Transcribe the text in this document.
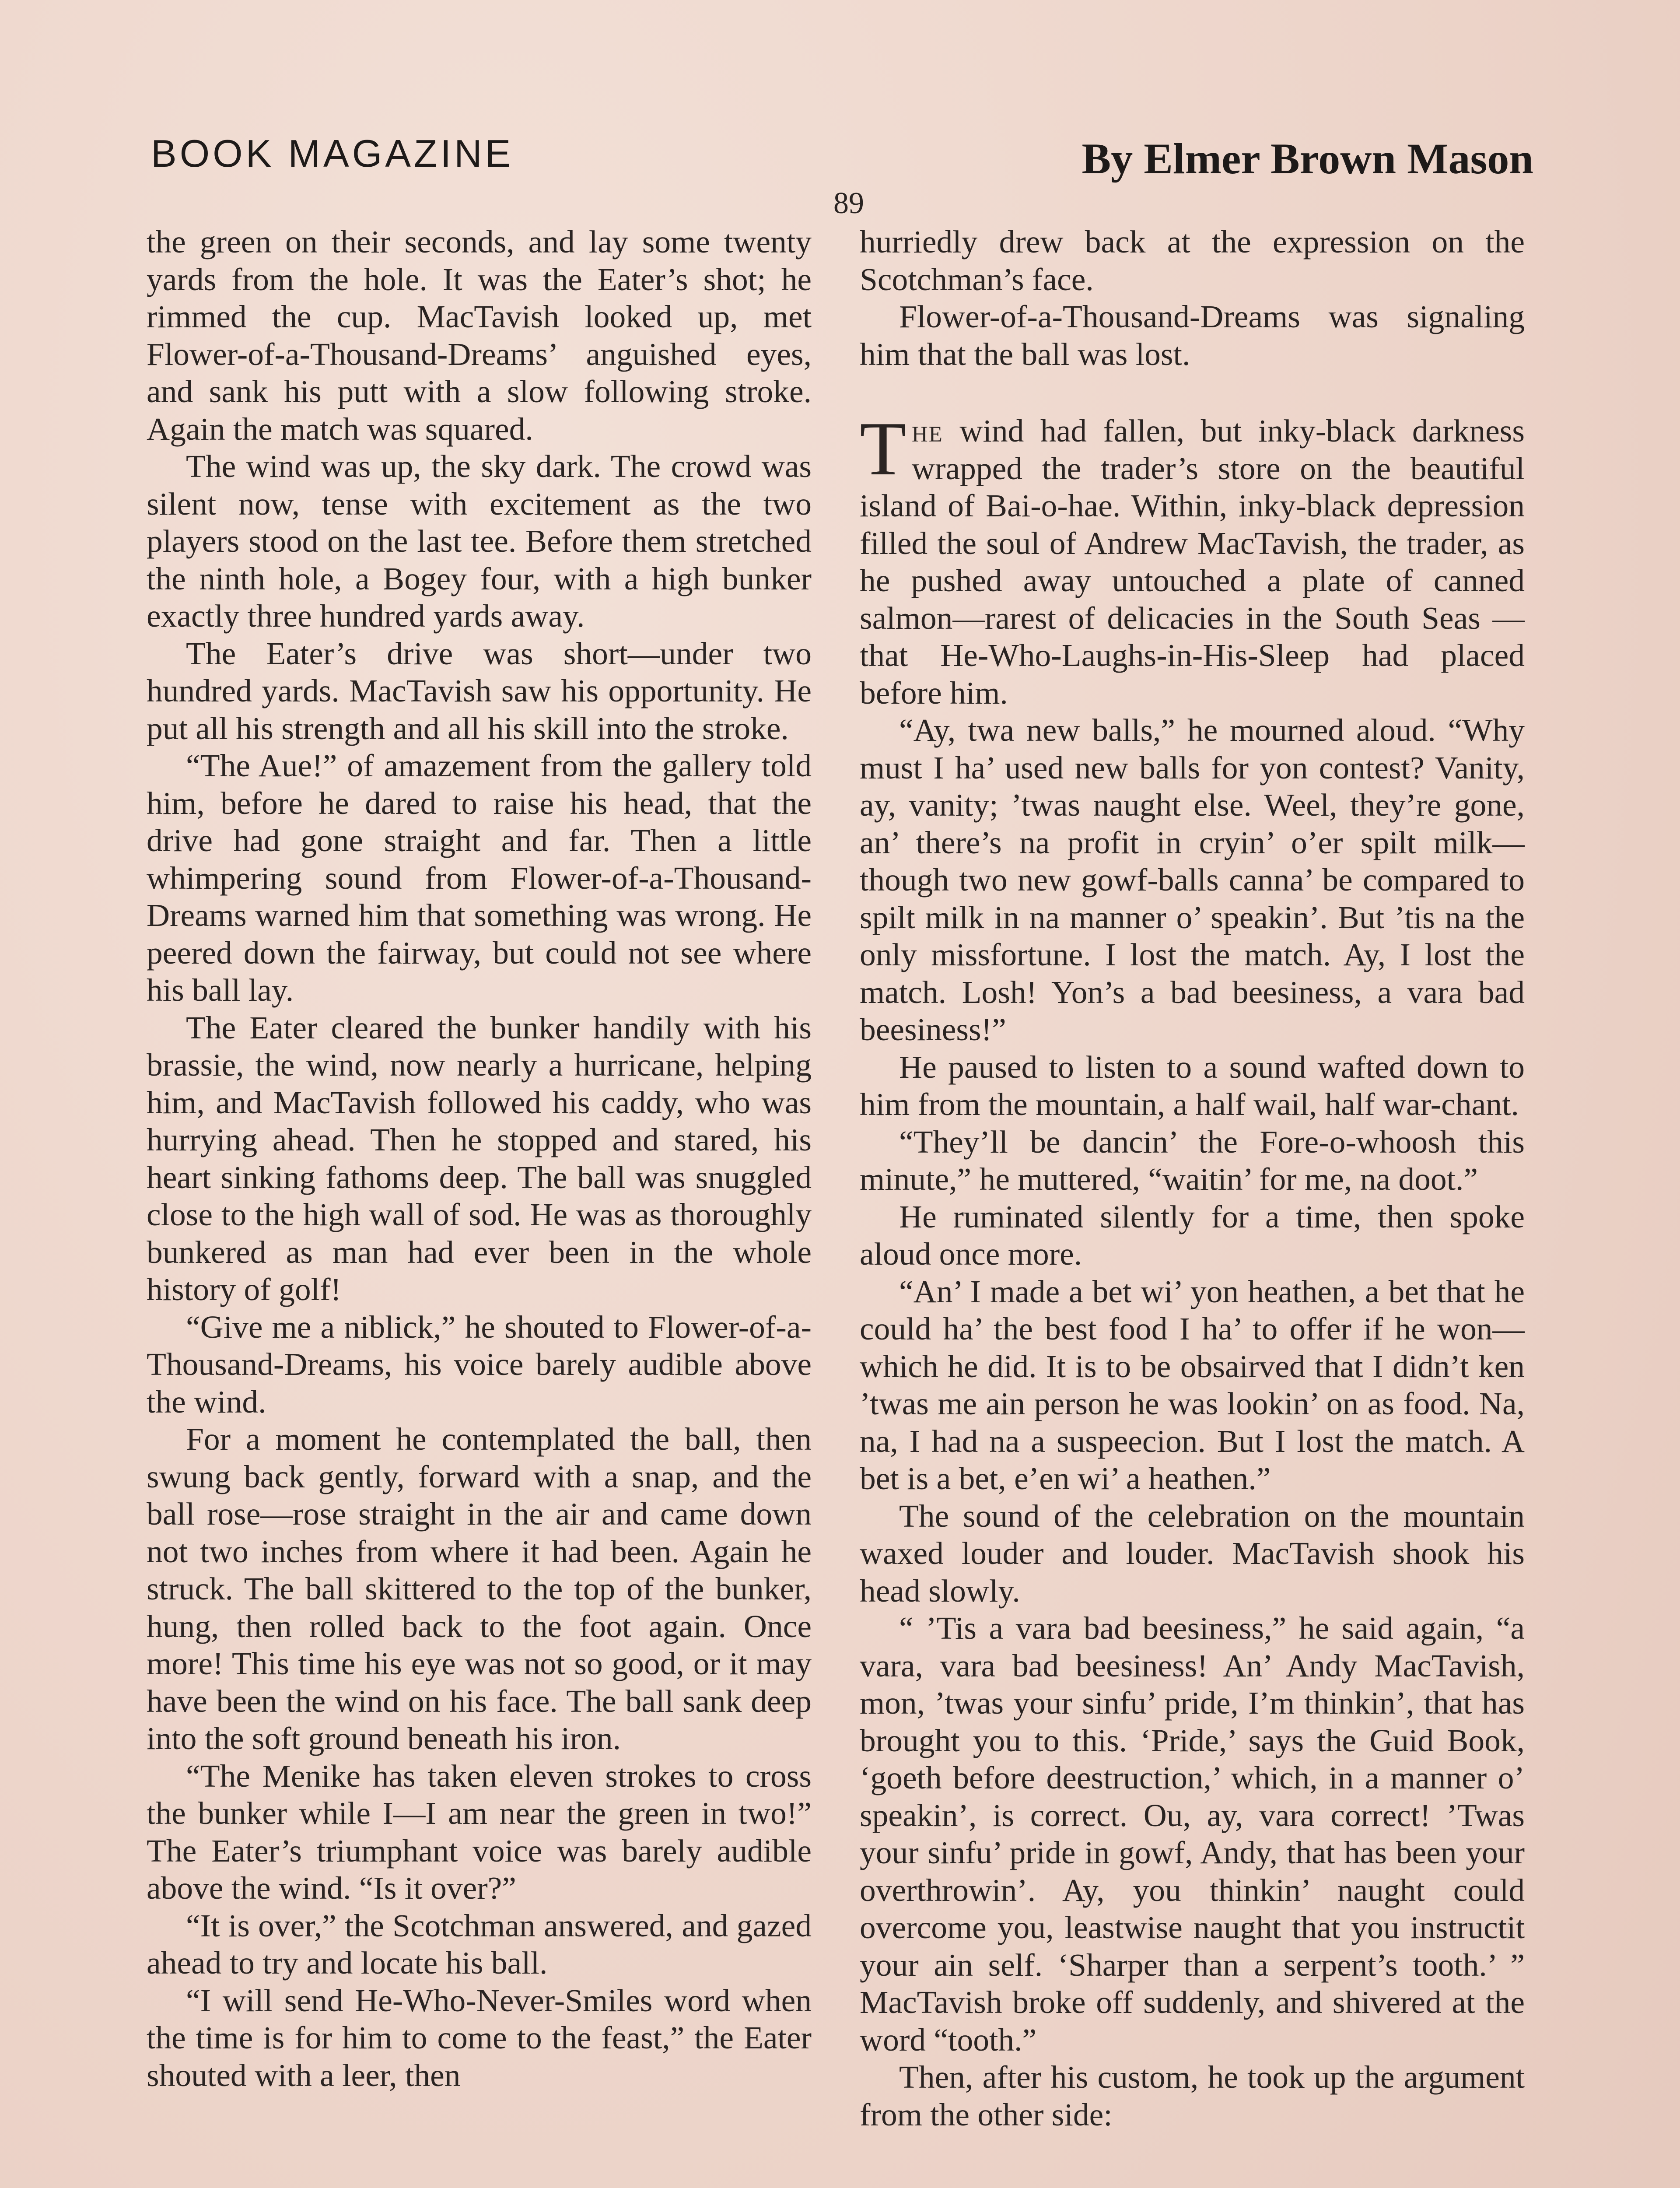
BOOK MAGAZINE	By Elmer Brown Mason
89

the green on their seconds, and lay some twenty yards from the hole. It was the Eater’s shot; he rimmed the cup. MacTavish looked up, met Flower-of-a-Thousand-Dreams’ anguished eyes, and sank his putt with a slow following stroke. Again the match was squared.

The wind was up, the sky dark. The crowd was silent now, tense with excitement as the two players stood on the last tee. Before them stretched the ninth hole, a Bogey four, with a high bunker exactly three hundred yards away.

The Eater’s drive was short—under two hundred yards. MacTavish saw his opportunity. He put all his strength and all his skill into the stroke.

“The Aue!” of amazement from the gallery told him, before he dared to raise his head, that the drive had gone straight and far. Then a little whimpering sound from Flower-of-a-Thousand-Dreams warned him that something was wrong. He peered down the fairway, but could not see where his ball lay.

The Eater cleared the bunker handily with his brassie, the wind, now nearly a hurricane, helping him, and MacTavish followed his caddy, who was hurrying ahead. Then he stopped and stared, his heart sinking fathoms deep. The ball was snuggled close to the high wall of sod. He was as thoroughly bunkered as man had ever been in the whole history of golf!

“Give me a niblick,” he shouted to Flower-of-a-Thousand-Dreams, his voice barely audible above the wind.

For a moment he contemplated the ball, then swung back gently, forward with a snap, and the ball rose—rose straight in the air and came down not two inches from where it had been. Again he struck. The ball skittered to the top of the bunker, hung, then rolled back to the foot again. Once more! This time his eye was not so good, or it may have been the wind on his face. The ball sank deep into the soft ground beneath his iron.

“The Menike has taken eleven strokes to cross the bunker while I—I am near the green in two!” The Eater’s triumphant voice was barely audible above the wind. “Is it over?”

“It is over,” the Scotchman answered, and gazed ahead to try and locate his ball.

“I will send He-Who-Never-Smiles word when the time is for him to come to the feast,” the Eater shouted with a leer, then

hurriedly drew back at the expression on the Scotchman’s face.

Flower-of-a-Thousand-Dreams was signaling him that the ball was lost.

The wind had fallen, but inky-black darkness wrapped the trader’s store on the beautiful island of Bai-o-hae. Within, inky-black depression filled the soul of Andrew MacTavish, the trader, as he pushed away untouched a plate of canned salmon—rarest of delicacies in the South Seas — that He-Who-Laughs-in-His-Sleep had placed before him.

“Ay, twa new balls,” he mourned aloud. “Why must I ha’ used new balls for yon contest? Vanity, ay, vanity; ’twas naught else. Weel, they’re gone, an’ there’s na profit in cryin’ o’er spilt milk—though two new gowf-balls canna’ be compared to spilt milk in na manner o’ speakin’. But ’tis na the only missfortune. I lost the match. Ay, I lost the match. Losh! Yon’s a bad beesiness, a vara bad beesiness!”

He paused to listen to a sound wafted down to him from the mountain, a half wail, half war-chant.

“They’ll be dancin’ the Fore-o-whoosh this minute,” he muttered, “waitin’ for me, na doot.”

He ruminated silently for a time, then spoke aloud once more.

“An’ I made a bet wi’ yon heathen, a bet that he could ha’ the best food I ha’ to offer if he won—which he did. It is to be obsairved that I didn’t ken ’twas me ain person he was lookin’ on as food. Na, na, I had na a suspeecion. But I lost the match. A bet is a bet, e’en wi’ a heathen.”

The sound of the celebration on the mountain waxed louder and louder. MacTavish shook his head slowly.

“ ’Tis a vara bad beesiness,” he said again, “a vara, vara bad beesiness! An’ Andy MacTavish, mon, ’twas your sinfu’ pride, I’m thinkin’, that has brought you to this. ‘Pride,’ says the Guid Book, ‘goeth before deestruction,’ which, in a manner o’ speakin’, is correct. Ou, ay, vara correct! ’Twas your sinfu’ pride in gowf, Andy, that has been your overthrowin’. Ay, you thinkin’ naught could overcome you, leastwise naught that you instructit your ain self. ‘Sharper than a serpent’s tooth.’ ” MacTavish broke off suddenly, and shivered at the word “tooth.”

Then, after his custom, he took up the argument from the other side:
